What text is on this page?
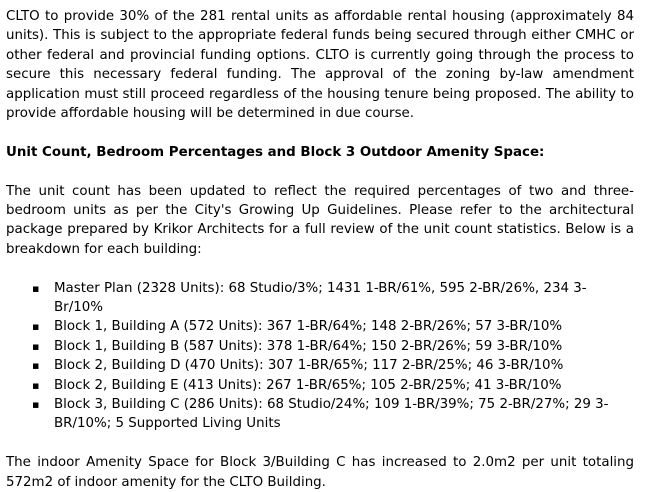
CLTO to provide 30% of the 281 rental units as affordable rental housing (approximately 84 units). This is subject to the appropriate federal funds being secured through either CMHC or other federal and provincial funding options. CLTO is currently going through the process to secure this necessary federal funding. The approval of the zoning by-law amendment application must still proceed regardless of the housing tenure being proposed. The ability to provide affordable housing will be determined in due course.

Unit Count, Bedroom Percentages and Block 3 Outdoor Amenity Space:

The unit count has been updated to reflect the required percentages of two and three-bedroom units as per the City's Growing Up Guidelines. Please refer to the architectural package prepared by Krikor Architects for a full review of the unit count statistics. Below is a breakdown for each building:

▪	Master Plan (2328 Units): 68 Studio/3%; 1431 1-BR/61%, 595 2-BR/26%, 234 3-Br/10%
▪	Block 1, Building A (572 Units): 367 1-BR/64%; 148 2-BR/26%; 57 3-BR/10%
▪	Block 1, Building B (587 Units): 378 1-BR/64%; 150 2-BR/26%; 59 3-BR/10%
▪	Block 2, Building D (470 Units): 307 1-BR/65%; 117 2-BR/25%; 46 3-BR/10%
▪	Block 2, Building E (413 Units): 267 1-BR/65%; 105 2-BR/25%; 41 3-BR/10%
▪	Block 3, Building C (286 Units): 68 Studio/24%; 109 1-BR/39%; 75 2-BR/27%; 29 3-BR/10%; 5 Supported Living Units

The indoor Amenity Space for Block 3/Building C has increased to 2.0m2 per unit totaling 572m2 of indoor amenity for the CLTO Building.
